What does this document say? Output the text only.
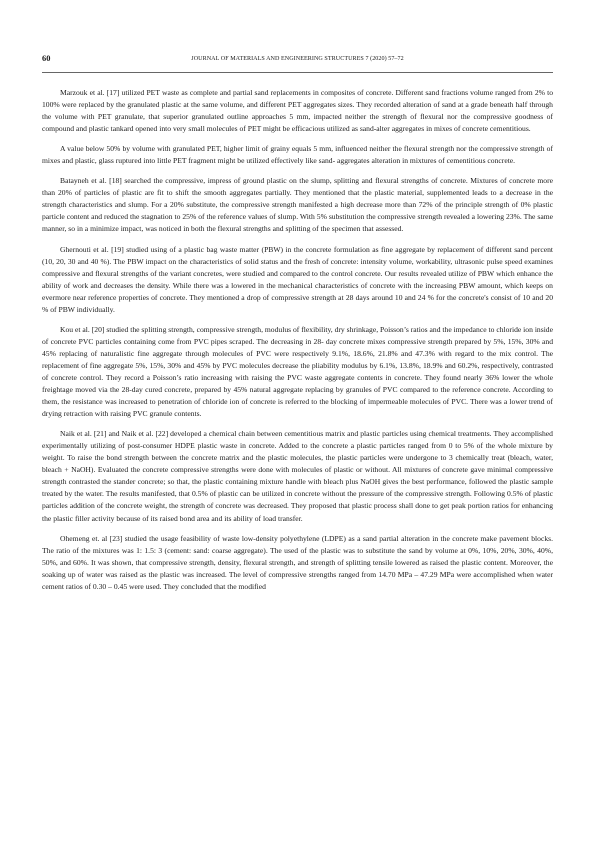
60	JOURNAL OF MATERIALS AND ENGINEERING STRUCTURES 7 (2020) 57–72

Marzouk et al. [17] utilized PET waste as complete and partial sand replacements in composites of concrete. Different sand fractions volume ranged from 2% to 100% were replaced by the granulated plastic at the same volume, and different PET aggregates sizes. They recorded alteration of sand at a grade beneath half through the volume with PET granulate, that superior granulated outline approaches 5 mm, impacted neither the strength of flexural nor the compressive goodness of compound and plastic tankard opened into very small molecules of PET might be efficacious utilized as sand-alter aggregates in mixes of concrete cementitious.

A value below 50% by volume with granulated PET, higher limit of grainy equals 5 mm, influenced neither the flexural strength nor the compressive strength of mixes and plastic, glass ruptured into little PET fragment might be utilized effectively like sand- aggregates alteration in mixtures of cementitious concrete.

Batayneh et al. [18] searched the compressive, impress of ground plastic on the slump, splitting and flexural strengths of concrete. Mixtures of concrete more than 20% of particles of plastic are fit to shift the smooth aggregates partially. They mentioned that the plastic material, supplemented leads to a decrease in the strength characteristics and slump. For a 20% substitute, the compressive strength manifested a high decrease more than 72% of the principle strength of 0% plastic particle content and reduced the stagnation to 25% of the reference values of slump. With 5% substitution the compressive strength revealed a lowering 23%. The same manner, so in a minimize impact, was noticed in both the flexural strengths and splitting of the specimen that assessed.

Ghernouti et al. [19] studied using of a plastic bag waste matter (PBW) in the concrete formulation as fine aggregate by replacement of different sand percent (10, 20, 30 and 40 %). The PBW impact on the characteristics of solid status and the fresh of concrete: intensity volume, workability, ultrasonic pulse speed examines compressive and flexural strengths of the variant concretes, were studied and compared to the control concrete. Our results revealed utilize of PBW which enhance the ability of work and decreases the density. While there was a lowered in the mechanical characteristics of concrete with the increasing PBW amount, which keeps on evermore near reference properties of concrete. They mentioned a drop of compressive strength at 28 days around 10 and 24 % for the concrete's consist of 10 and 20 % of PBW individually.

Kou et al. [20] studied the splitting strength, compressive strength, modulus of flexibility, dry shrinkage, Poisson’s ratios and the impedance to chloride ion inside of concrete PVC particles containing come from PVC pipes scraped. The decreasing in 28- day concrete mixes compressive strength prepared by 5%, 15%, 30% and 45% replacing of naturalistic fine aggregate through molecules of PVC were respectively 9.1%, 18.6%, 21.8% and 47.3% with regard to the mix control. The replacement of fine aggregate 5%, 15%, 30% and 45% by PVC molecules decrease the pliability modulus by 6.1%, 13.8%, 18.9% and 60.2%, respectively, contrasted of concrete control. They record a Poisson’s ratio increasing with raising the PVC waste aggregate contents in concrete. They found nearly 36% lower the whole freightage moved via the 28-day cured concrete, prepared by 45% natural aggregate replacing by granules of PVC compared to the reference concrete. According to them, the resistance was increased to penetration of chloride ion of concrete is referred to the blocking of impermeable molecules of PVC. There was a lower trend of drying retraction with raising PVC granule contents.

Naik et al. [21] and Naik et al. [22] developed a chemical chain between cementitious matrix and plastic particles using chemical treatments. They accomplished experimentally utilizing of post-consumer HDPE plastic waste in concrete. Added to the concrete a plastic particles ranged from 0 to 5% of the whole mixture by weight. To raise the bond strength between the concrete matrix and the plastic molecules, the plastic particles were undergone to 3 chemically treat (bleach, water, bleach + NaOH). Evaluated the concrete compressive strengths were done with molecules of plastic or without. All mixtures of concrete gave minimal compressive strength contrasted the stander concrete; so that, the plastic containing mixture handle with bleach plus NaOH gives the best performance, followed the plastic sample treated by the water. The results manifested, that 0.5% of plastic can be utilized in concrete without the pressure of the compressive strength. Following 0.5% of plastic particles addition of the concrete weight, the strength of concrete was decreased. They proposed that plastic process shall done to get peak portion ratios for enhancing the plastic filler activity because of its raised bond area and its ability of load transfer.

Ohemeng et. al [23] studied the usage feasibility of waste low-density polyethylene (LDPE) as a sand partial alteration in the concrete make pavement blocks. The ratio of the mixtures was 1: 1.5: 3 (cement: sand: coarse aggregate). The used of the plastic was to substitute the sand by volume at 0%, 10%, 20%, 30%, 40%, 50%, and 60%. It was shown, that compressive strength, density, flexural strength, and strength of splitting tensile lowered as raised the plastic content. Moreover, the soaking up of water was raised as the plastic was increased. The level of compressive strengths ranged from 14.70 MPa – 47.29 MPa were accomplished when water cement ratios of 0.30 – 0.45 were used. They concluded that the modified
